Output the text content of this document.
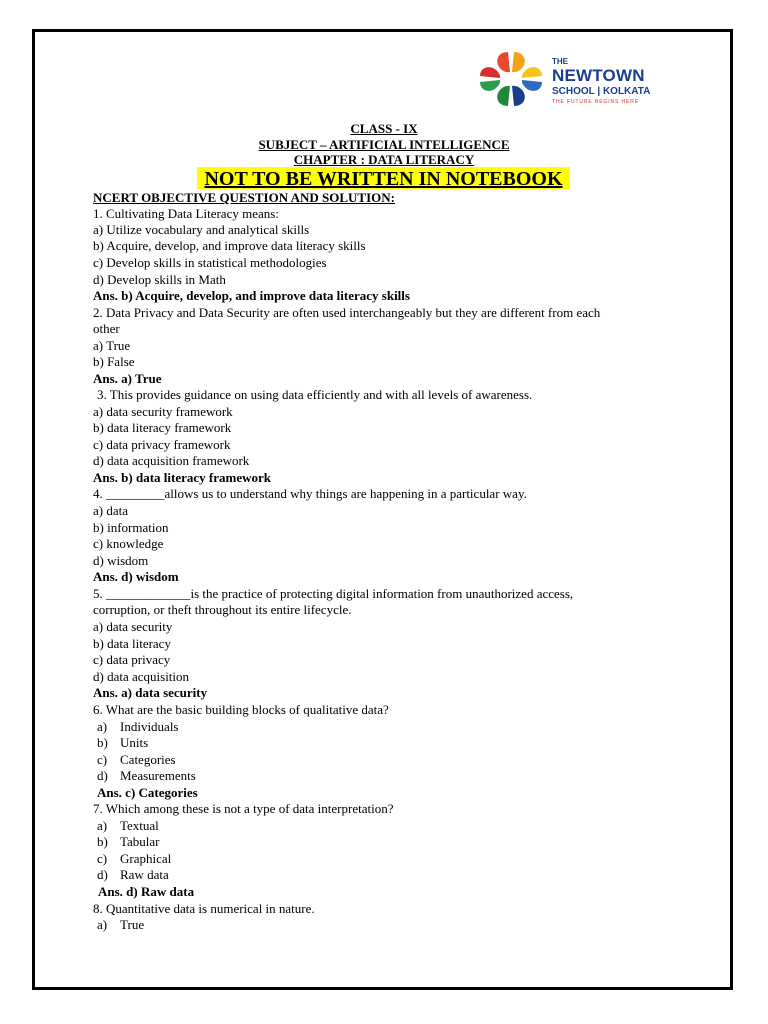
THE
NEWTOWN
SCHOOL | KOLKATA
THE FUTURE BEGINS HERE
CLASS - IX
SUBJECT – ARTIFICIAL INTELLIGENCE
CHAPTER : DATA LITERACY
NOT TO BE WRITTEN IN NOTEBOOK
NCERT OBJECTIVE QUESTION AND SOLUTION:
1. Cultivating Data Literacy means:
a) Utilize vocabulary and analytical skills
b) Acquire, develop, and improve data literacy skills
c) Develop skills in statistical methodologies
d) Develop skills in Math
Ans. b) Acquire, develop, and improve data literacy skills
2. Data Privacy and Data Security are often used interchangeably but they are different from each
other
a) True
b) False
Ans. a) True
3. This provides guidance on using data efficiently and with all levels of awareness.
a) data security framework
b) data literacy framework
c) data privacy framework
d) data acquisition framework
Ans. b) data literacy framework
4. _________allows us to understand why things are happening in a particular way.
a) data
b) information
c) knowledge
d) wisdom
Ans. d) wisdom
5. _____________is the practice of protecting digital information from unauthorized access,
corruption, or theft throughout its entire lifecycle.
a) data security
b) data literacy
c) data privacy
d) data acquisition
Ans. a) data security
6. What are the basic building blocks of qualitative data?
a) Individuals
b) Units
c) Categories
d) Measurements
Ans. c) Categories
7. Which among these is not a type of data interpretation?
a) Textual
b) Tabular
c) Graphical
d) Raw data
Ans. d) Raw data
8. Quantitative data is numerical in nature.
a) True
